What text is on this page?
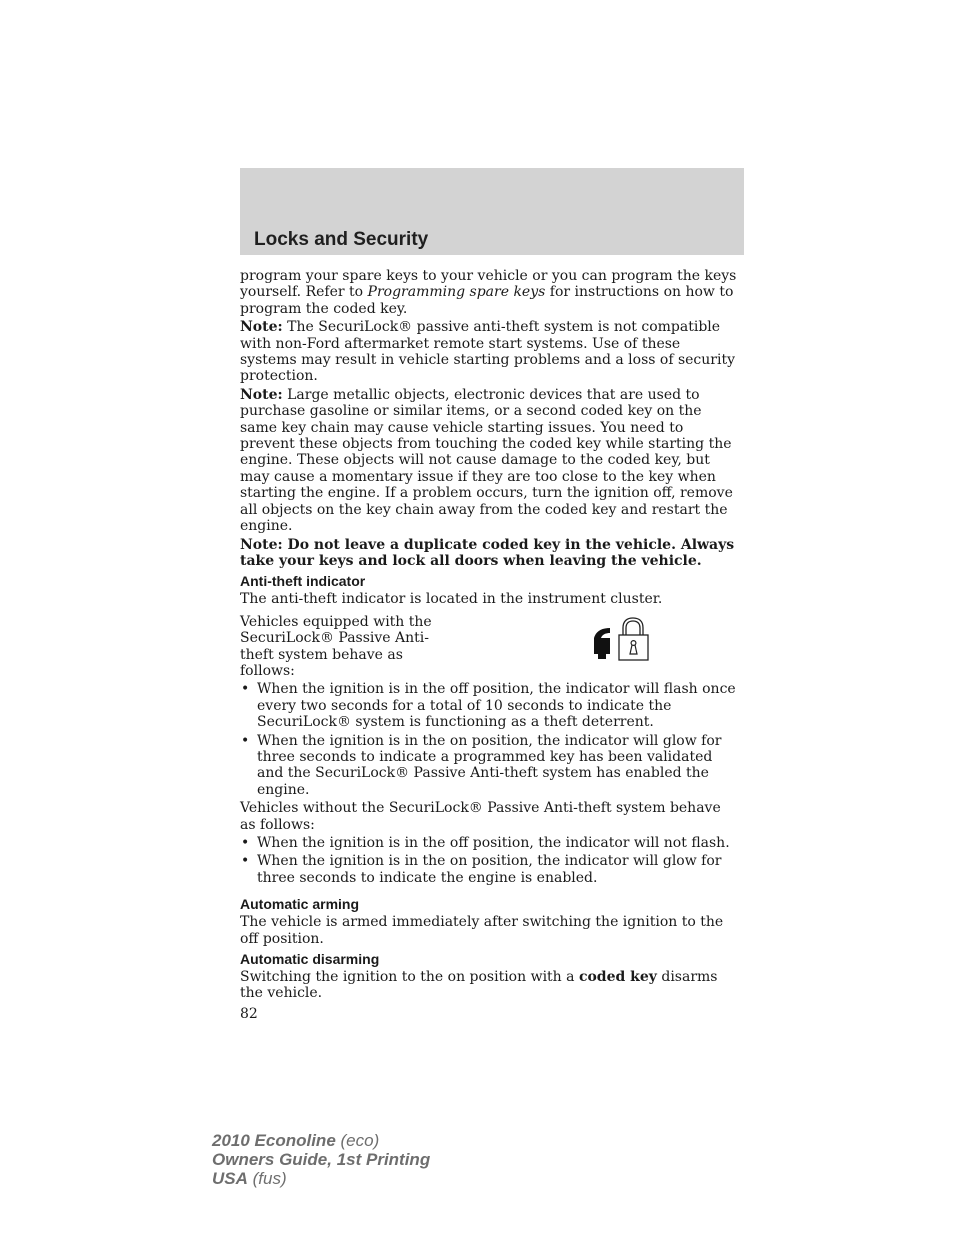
Locks and Security

program your spare keys to your vehicle or you can program the keys yourself. Refer to Programming spare keys for instructions on how to program the coded key.

Note: The SecuriLock® passive anti-theft system is not compatible with non-Ford aftermarket remote start systems. Use of these systems may result in vehicle starting problems and a loss of security protection.

Note: Large metallic objects, electronic devices that are used to purchase gasoline or similar items, or a second coded key on the same key chain may cause vehicle starting issues. You need to prevent these objects from touching the coded key while starting the engine. These objects will not cause damage to the coded key, but may cause a momentary issue if they are too close to the key when starting the engine. If a problem occurs, turn the ignition off, remove all objects on the key chain away from the coded key and restart the engine.

Note: Do not leave a duplicate coded key in the vehicle. Always take your keys and lock all doors when leaving the vehicle.

Anti-theft indicator

The anti-theft indicator is located in the instrument cluster.

Vehicles equipped with the SecuriLock® Passive Anti-theft system behave as follows:

• When the ignition is in the off position, the indicator will flash once every two seconds for a total of 10 seconds to indicate the SecuriLock® system is functioning as a theft deterrent.
• When the ignition is in the on position, the indicator will glow for three seconds to indicate a programmed key has been validated and the SecuriLock® Passive Anti-theft system has enabled the engine.

Vehicles without the SecuriLock® Passive Anti-theft system behave as follows:

• When the ignition is in the off position, the indicator will not flash.
• When the ignition is in the on position, the indicator will glow for three seconds to indicate the engine is enabled.
Automatic arming

The vehicle is armed immediately after switching the ignition to the off position.

Automatic disarming

Switching the ignition to the on position with a coded key disarms the vehicle.

82

2010 Econoline (eco)
Owners Guide, 1st Printing
USA (fus)
